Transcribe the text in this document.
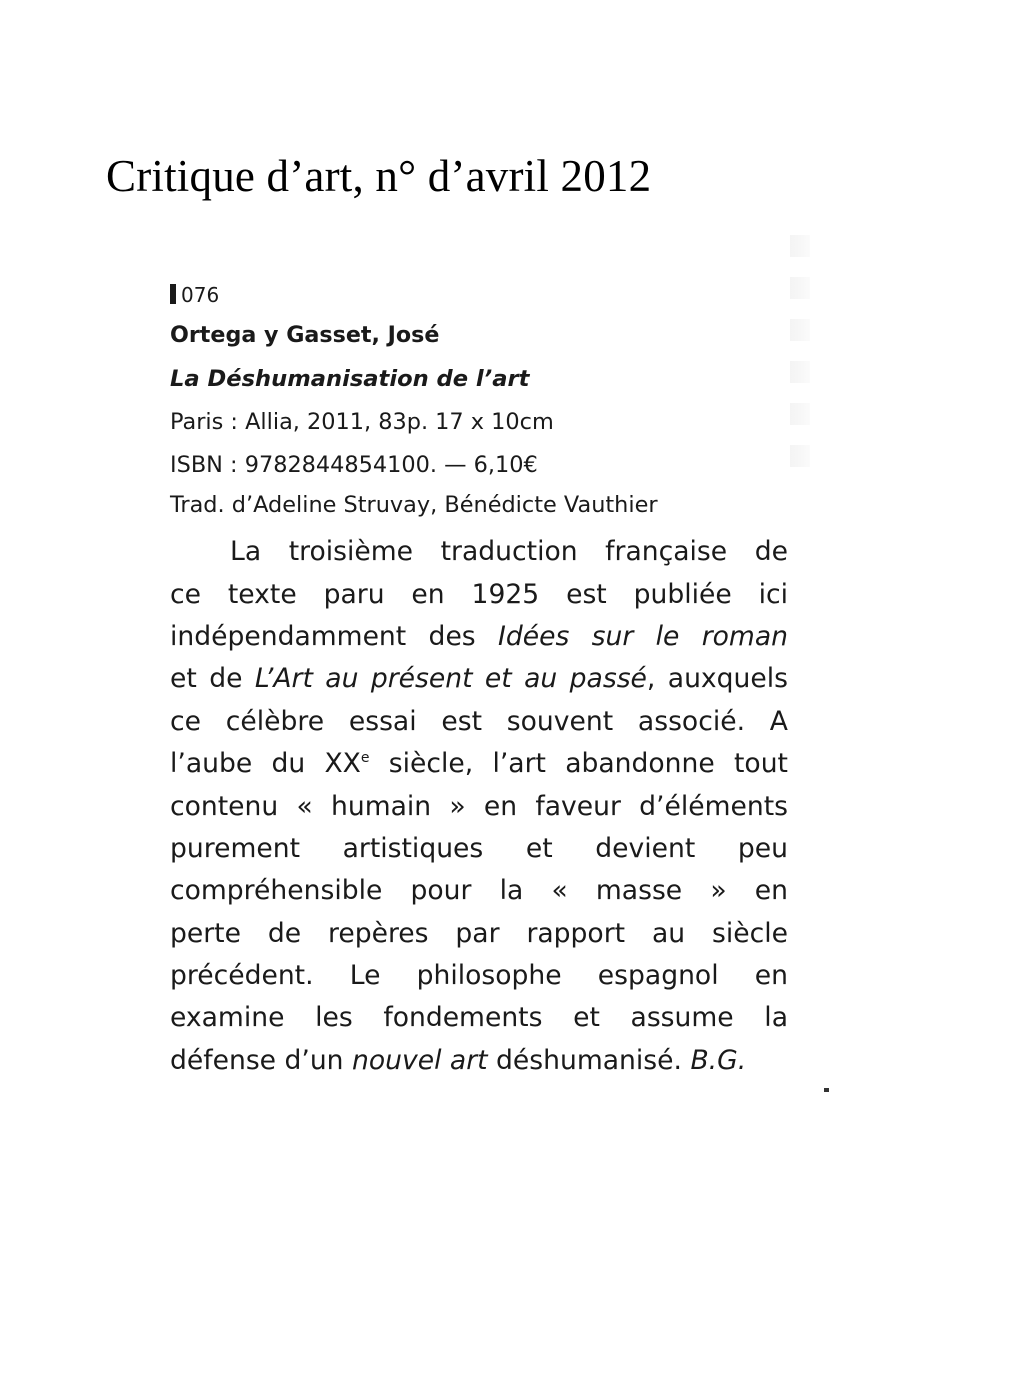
Critique d’art, n° d’avril 2012
076
Ortega y Gasset, José
La Déshumanisation de l’art
Paris : Allia, 2011, 83p. 17 x 10cm
ISBN : 9782844854100. — 6,10€
Trad. d’Adeline Struvay, Bénédicte Vauthier
La troisième traduction française de
ce texte paru en 1925 est publiée ici
indépendamment des Idées sur le roman
et de L’Art au présent et au passé, auxquels
ce célèbre essai est souvent associé. A
l’aube du XXe siècle, l’art abandonne tout
contenu « humain » en faveur d’éléments
purement artistiques et devient peu
compréhensible pour la « masse » en
perte de repères par rapport au siècle
précédent. Le philosophe espagnol en
examine les fondements et assume la
défense d’un nouvel art déshumanisé. B.G.
